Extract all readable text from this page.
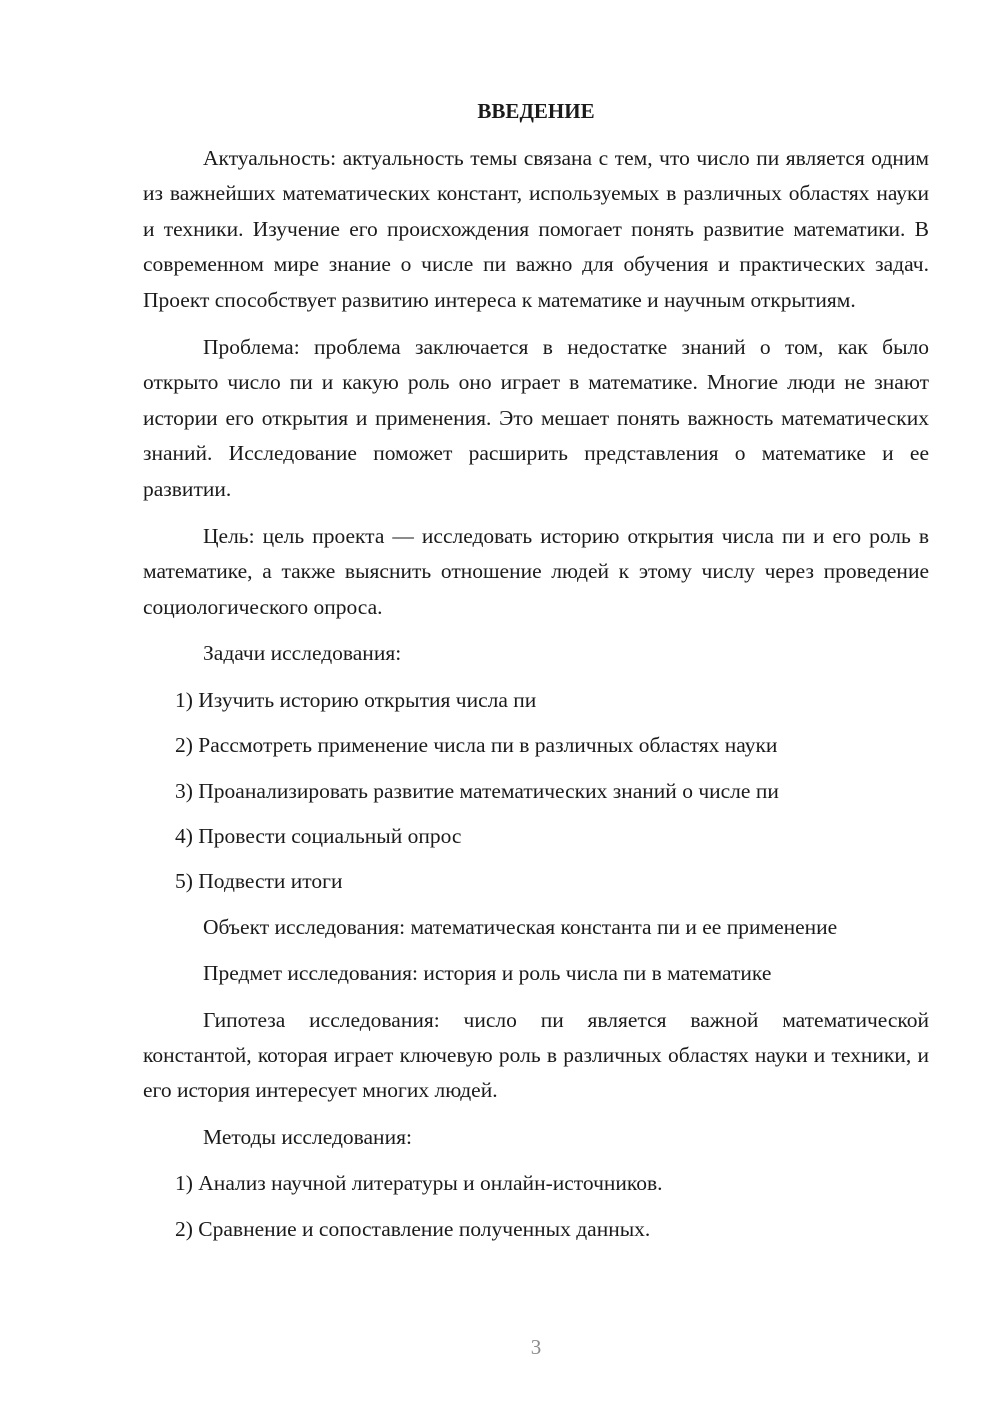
ВВЕДЕНИЕ

Актуальность: актуальность темы связана с тем, что число пи является одним из важнейших математических констант, используемых в различных областях науки и техники. Изучение его происхождения помогает понять развитие математики. В современном мире знание о числе пи важно для обучения и практических задач. Проект способствует развитию интереса к математике и научным открытиям.

Проблема: проблема заключается в недостатке знаний о том, как было открыто число пи и какую роль оно играет в математике. Многие люди не знают истории его открытия и применения. Это мешает понять важность математических знаний. Исследование поможет расширить представления о математике и ее развитии.

Цель: цель проекта — исследовать историю открытия числа пи и его роль в математике, а также выяснить отношение людей к этому числу через проведение социологического опроса.

Задачи исследования:

1) Изучить историю открытия числа пи

2) Рассмотреть применение числа пи в различных областях науки

3) Проанализировать развитие математических знаний о числе пи

4) Провести социальный опрос

5) Подвести итоги

Объект исследования: математическая константа пи и ее применение

Предмет исследования: история и роль числа пи в математике

Гипотеза исследования: число пи является важной математической константой, которая играет ключевую роль в различных областях науки и техники, и его история интересует многих людей.

Методы исследования:

1) Анализ научной литературы и онлайн-источников.

2) Сравнение и сопоставление полученных данных.

3
